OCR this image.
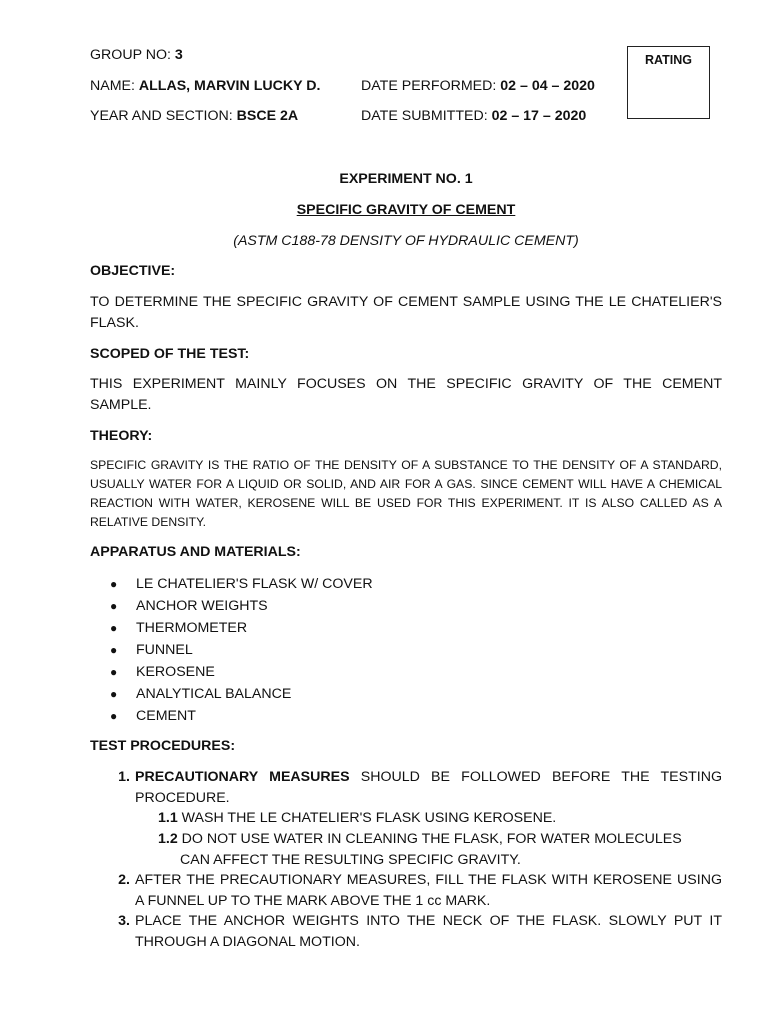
GROUP NO: 3
NAME: ALLAS, MARVIN LUCKY D.
YEAR AND SECTION: BSCE 2A
DATE PERFORMED: 02 – 04 – 2020
DATE SUBMITTED: 02 – 17 – 2020
RATING
EXPERIMENT NO. 1
SPECIFIC GRAVITY OF CEMENT
(ASTM C188-78 DENSITY OF HYDRAULIC CEMENT)
OBJECTIVE:
TO DETERMINE THE SPECIFIC GRAVITY OF CEMENT SAMPLE USING THE LE CHATELIER'S FLASK.
SCOPED OF THE TEST:
THIS EXPERIMENT MAINLY FOCUSES ON THE SPECIFIC GRAVITY OF THE CEMENT SAMPLE.
THEORY:
SPECIFIC GRAVITY IS THE RATIO OF THE DENSITY OF A SUBSTANCE TO THE DENSITY OF A STANDARD, USUALLY WATER FOR A LIQUID OR SOLID, AND AIR FOR A GAS. SINCE CEMENT WILL HAVE A CHEMICAL REACTION WITH WATER, KEROSENE WILL BE USED FOR THIS EXPERIMENT. IT IS ALSO CALLED AS A RELATIVE DENSITY.
APPARATUS AND MATERIALS:
● LE CHATELIER'S FLASK W/ COVER
● ANCHOR WEIGHTS
● THERMOMETER
● FUNNEL
● KEROSENE
● ANALYTICAL BALANCE
● CEMENT
TEST PROCEDURES:
1. PRECAUTIONARY MEASURES SHOULD BE FOLLOWED BEFORE THE TESTING PROCEDURE.
1.1 WASH THE LE CHATELIER'S FLASK USING KEROSENE.
1.2 DO NOT USE WATER IN CLEANING THE FLASK, FOR WATER MOLECULES
CAN AFFECT THE RESULTING SPECIFIC GRAVITY.
2. AFTER THE PRECAUTIONARY MEASURES, FILL THE FLASK WITH KEROSENE USING A FUNNEL UP TO THE MARK ABOVE THE 1 cc MARK.
3. PLACE THE ANCHOR WEIGHTS INTO THE NECK OF THE FLASK. SLOWLY PUT IT THROUGH A DIAGONAL MOTION.
